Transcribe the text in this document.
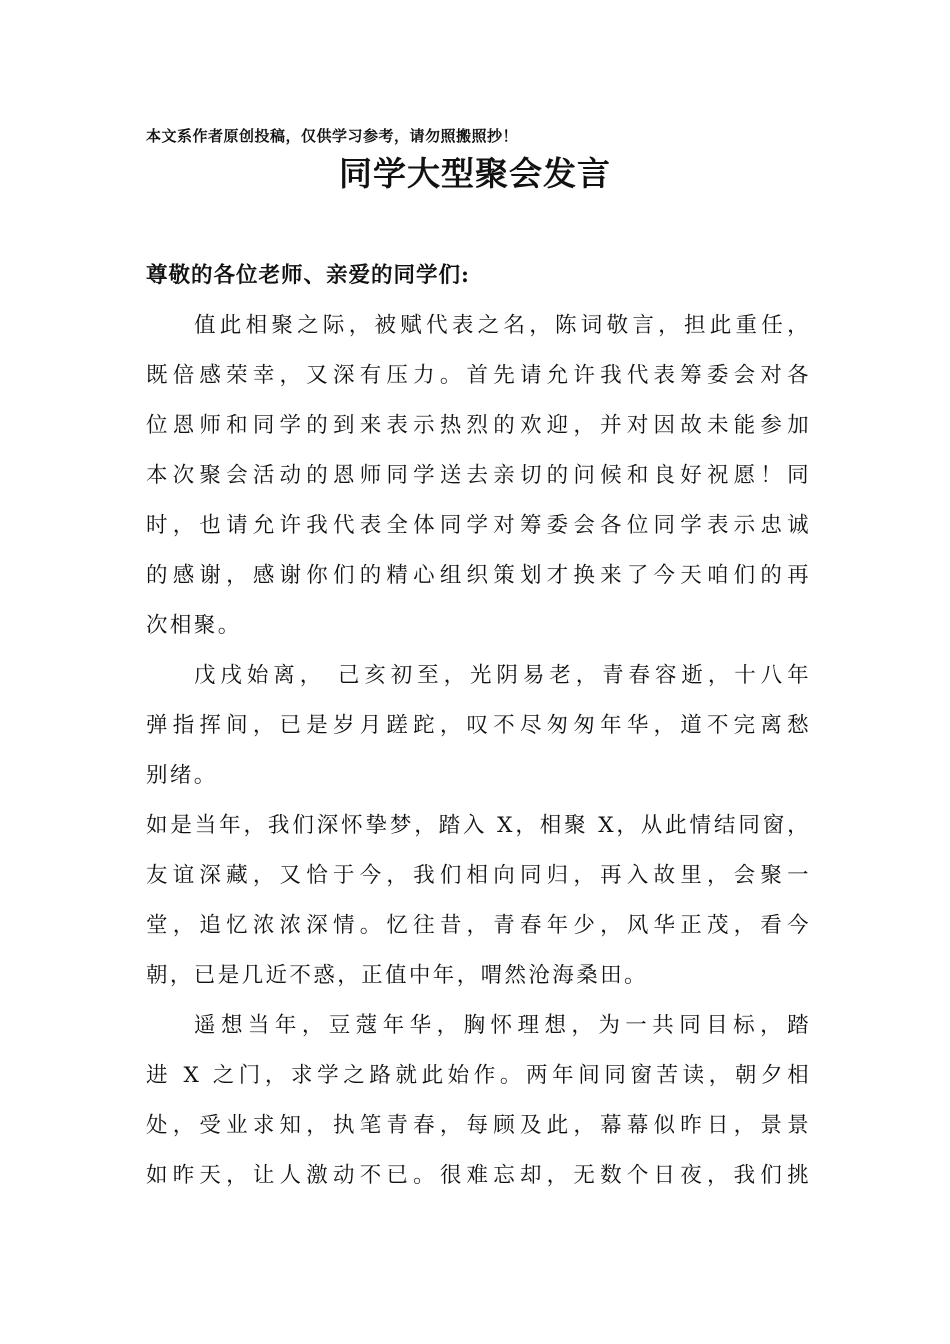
本文系作者原创投稿，仅供学习参考，请勿照搬照抄！
同学大型聚会发言
尊敬的各位老师、亲爱的同学们:
值此相聚之际，被赋代表之名，陈词敬言，担此重任，
既倍感荣幸，又深有压力。首先请允许我代表筹委会对各
位恩师和同学的到来表示热烈的欢迎，并对因故未能参加
本次聚会活动的恩师同学送去亲切的问候和良好祝愿！同
时，也请允许我代表全体同学对筹委会各位同学表示忠诚
的感谢，感谢你们的精心组织策划才换来了今天咱们的再
次相聚。
戊戌始离， 己亥初至，光阴易老，青春容逝，十八年
弹指挥间，已是岁月蹉跎，叹不尽匆匆年华，道不完离愁
别绪。
如是当年，我们深怀挚梦，踏入 X，相聚 X，从此情结同窗，
友谊深藏，又恰于今，我们相向同归，再入故里，会聚一
堂，追忆浓浓深情。忆往昔，青春年少，风华正茂，看今
朝，已是几近不惑，正值中年，喟然沧海桑田。
遥想当年，豆蔻年华，胸怀理想，为一共同目标，踏
进 X 之门，求学之路就此始作。两年间同窗苦读，朝夕相
处，受业求知，执笔青春，每顾及此，幕幕似昨日，景景
如昨天，让人激动不已。很难忘却，无数个日夜，我们挑
